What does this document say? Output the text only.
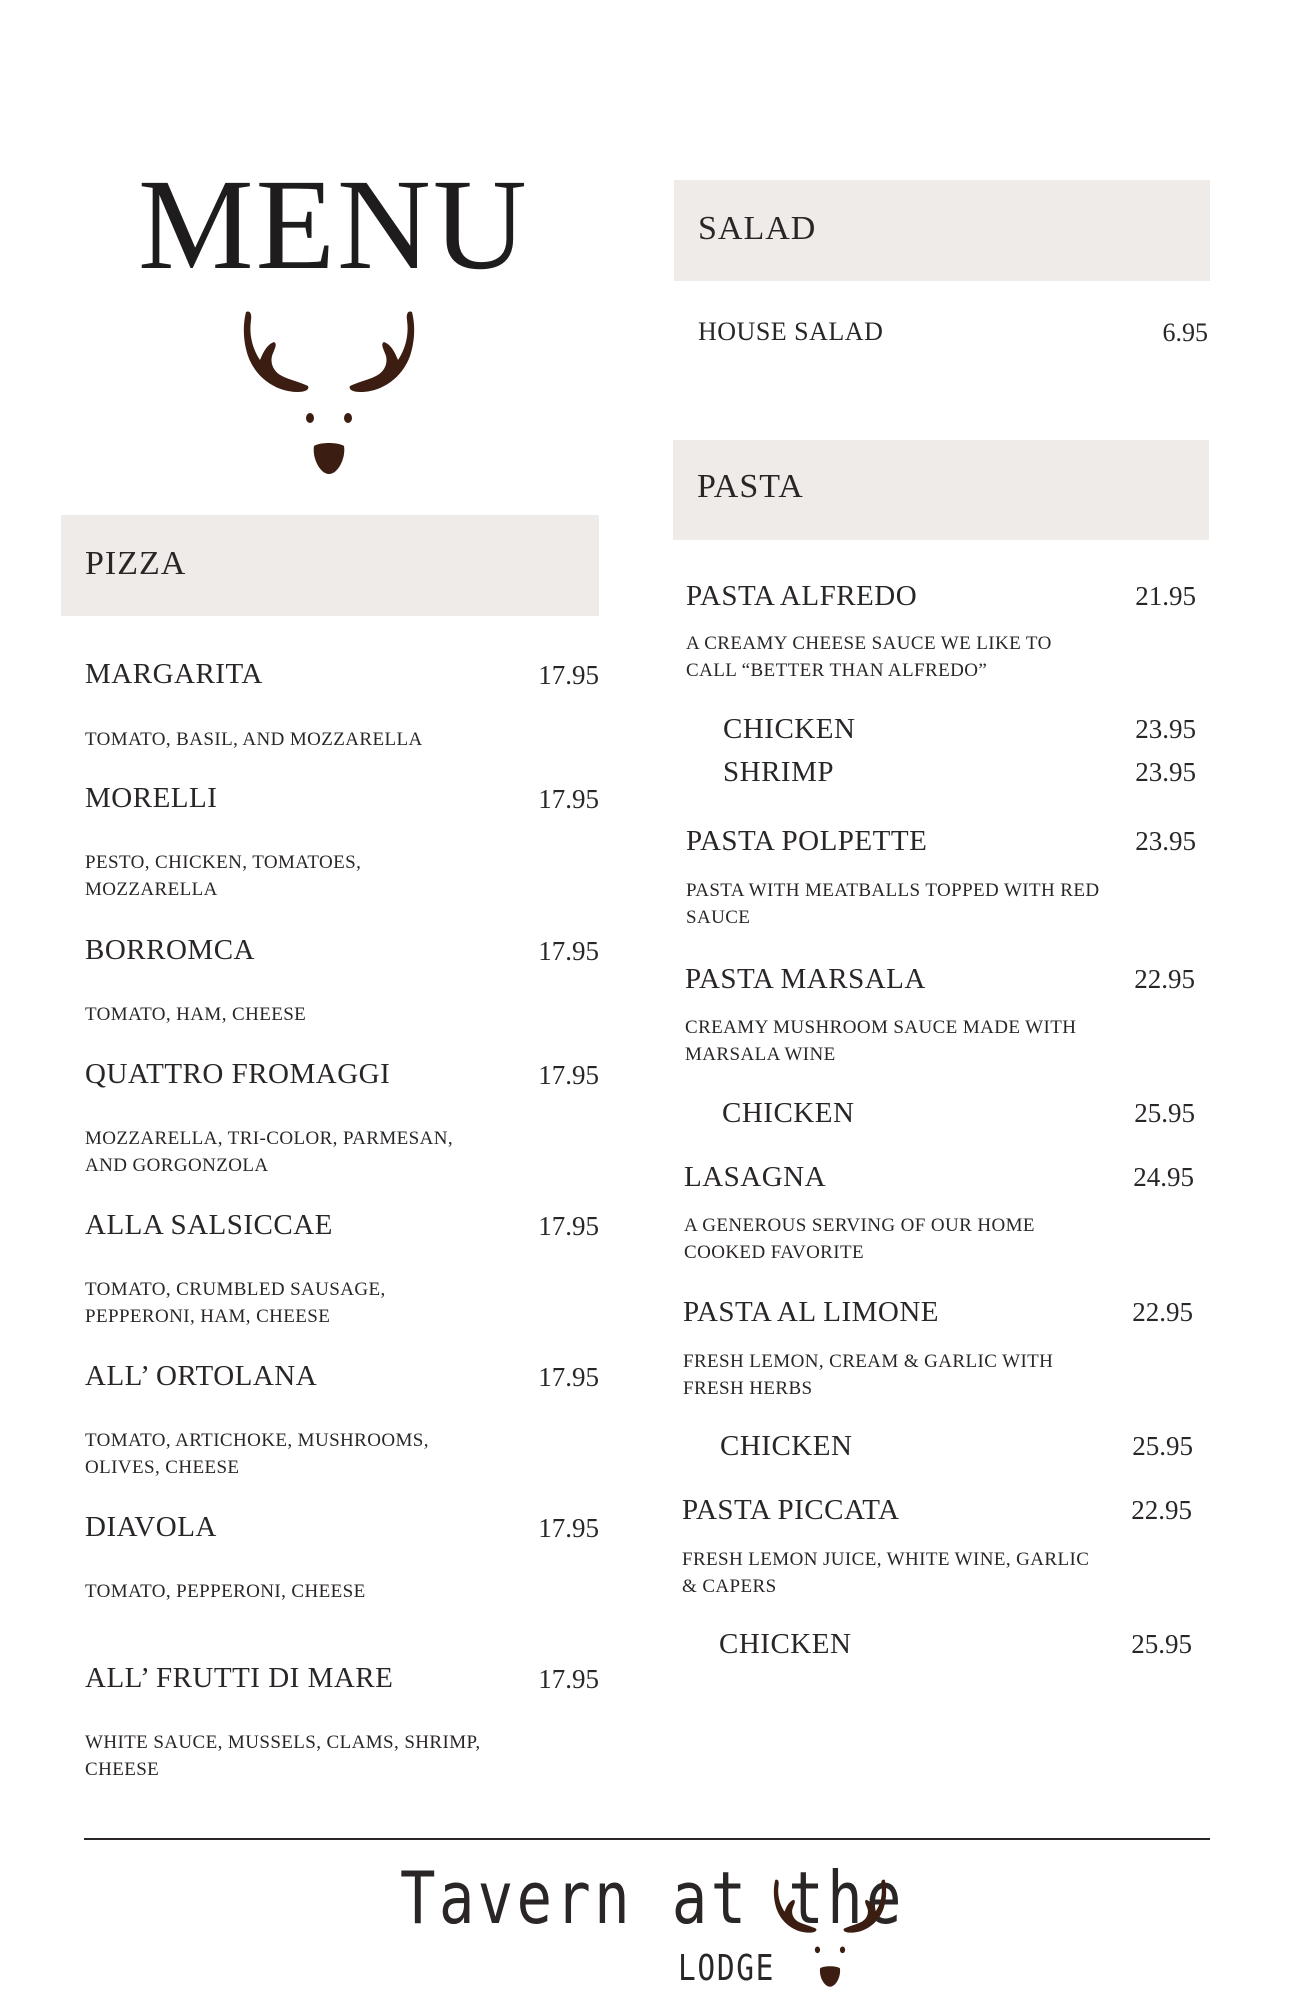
MENU
PIZZA
MARGARITA	17.95
TOMATO, BASIL, AND MOZZARELLA
MORELLI	17.95
PESTO, CHICKEN, TOMATOES, MOZZARELLA
BORROMCA	17.95
TOMATO, HAM, CHEESE
QUATTRO FROMAGGI	17.95
MOZZARELLA, TRI-COLOR, PARMESAN, AND GORGONZOLA
ALLA SALSICCAE	17.95
TOMATO, CRUMBLED SAUSAGE, PEPPERONI, HAM, CHEESE
ALL’ ORTOLANA	17.95
TOMATO, ARTICHOKE, MUSHROOMS, OLIVES, CHEESE
DIAVOLA	17.95
TOMATO, PEPPERONI, CHEESE
ALL’ FRUTTI DI MARE	17.95
WHITE SAUCE, MUSSELS, CLAMS, SHRIMP, CHEESE
SALAD
HOUSE SALAD	6.95
PASTA
PASTA ALFREDO	21.95
A CREAMY CHEESE SAUCE WE LIKE TO CALL “BETTER THAN ALFREDO”
CHICKEN	23.95
SHRIMP	23.95
PASTA POLPETTE	23.95
PASTA WITH MEATBALLS TOPPED WITH RED SAUCE
PASTA MARSALA	22.95
CREAMY MUSHROOM SAUCE MADE WITH MARSALA WINE
CHICKEN	25.95
LASAGNA	24.95
A GENEROUS SERVING OF OUR HOME COOKED FAVORITE
PASTA AL LIMONE	22.95
FRESH LEMON, CREAM & GARLIC WITH FRESH HERBS
CHICKEN	25.95
PASTA PICCATA	22.95
FRESH LEMON JUICE, WHITE WINE, GARLIC & CAPERS
CHICKEN	25.95
Tavern at the
LODGE
